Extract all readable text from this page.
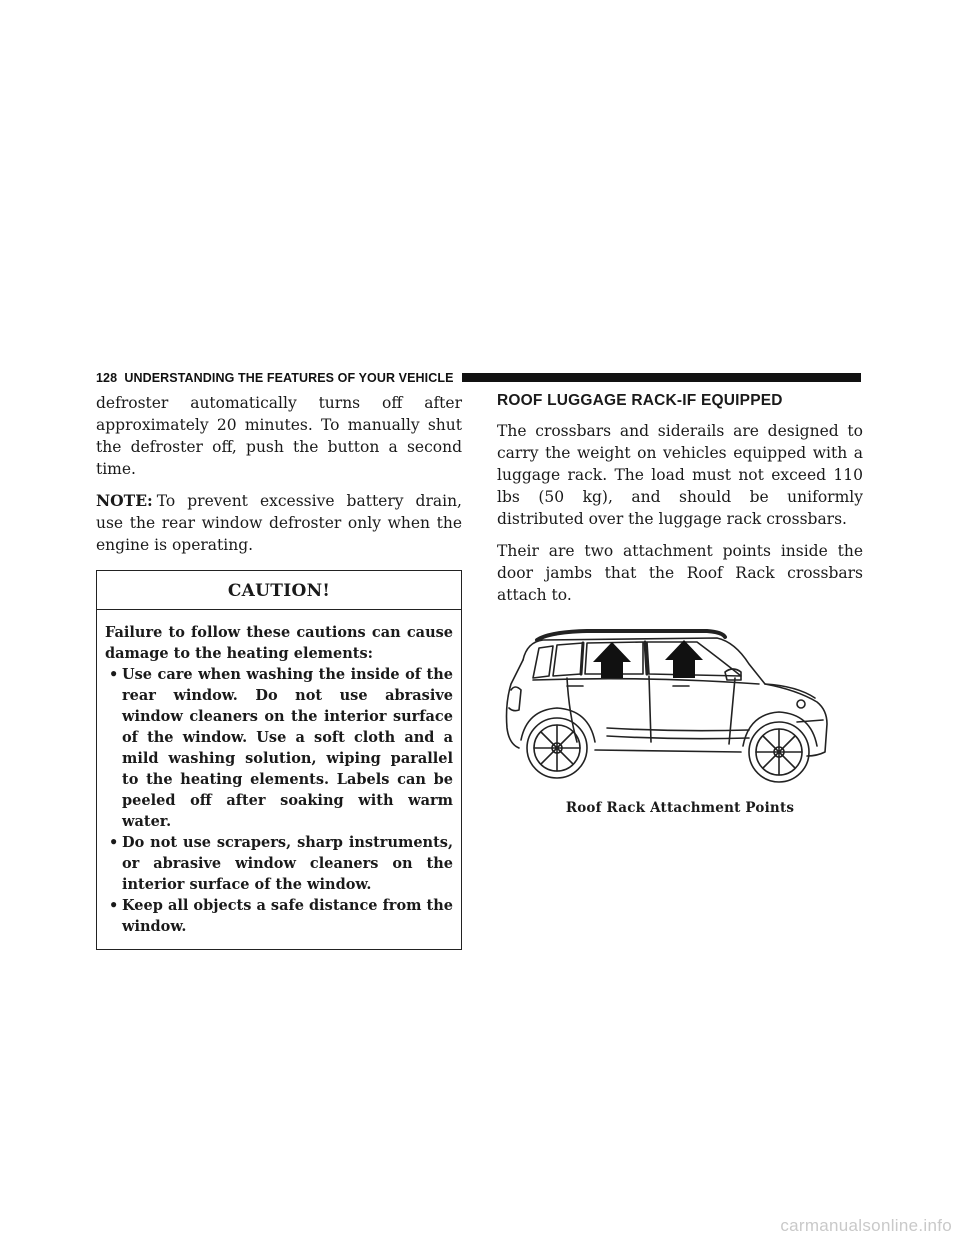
128 UNDERSTANDING THE FEATURES OF YOUR VEHICLE

defroster automatically turns off after approximately 20 minutes. To manually shut the defroster off, push the button a second time.

NOTE: To prevent excessive battery drain, use the rear window defroster only when the engine is operating.

CAUTION!

Failure to follow these cautions can cause damage to the heating elements:

• Use care when washing the inside of the rear window. Do not use abrasive window cleaners on the interior surface of the window. Use a soft cloth and a mild washing solution, wiping parallel to the heating elements. Labels can be peeled off after soaking with warm water.
• Do not use scrapers, sharp instruments, or abrasive window cleaners on the interior surface of the window.
• Keep all objects a safe distance from the window.
ROOF LUGGAGE RACK-IF EQUIPPED

The crossbars and siderails are designed to carry the weight on vehicles equipped with a luggage rack. The load must not exceed 110 lbs (50 kg), and should be uniformly distributed over the luggage rack crossbars.

Their are two attachment points inside the door jambs that the Roof Rack crossbars attach to.

Roof Rack Attachment Points
carmanualsonline.info
